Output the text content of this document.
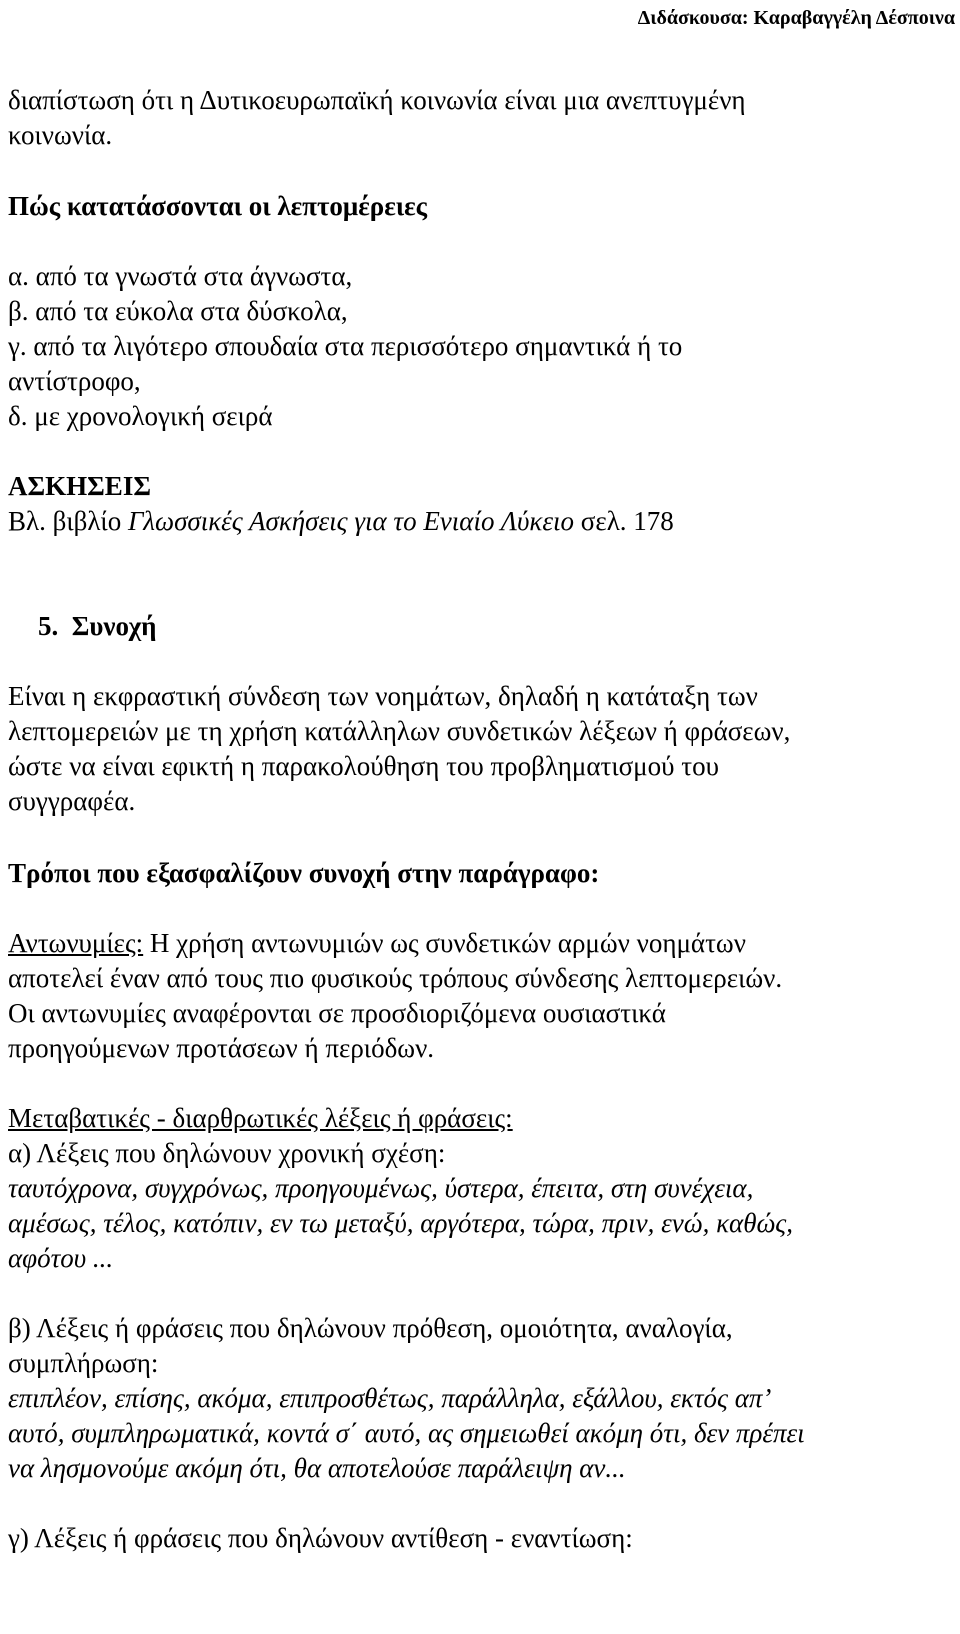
Διδάσκουσα: Καραβαγγέλη Δέσποινα
διαπίστωση ότι η Δυτικοευρωπαϊκή κοινωνία είναι μια ανεπτυγμένη
κοινωνία.
Πώς κατατάσσονται οι λεπτομέρειες
α. από τα γνωστά στα άγνωστα,
β. από τα εύκολα στα δύσκολα,
γ. από τα λιγότερο σπουδαία στα περισσότερο σημαντικά ή το
αντίστροφο,
δ. με χρονολογική σειρά
ΑΣΚΗΣΕΙΣ
Βλ. βιβλίο Γλωσσικές Ασκήσεις για το Ενιαίο Λύκειο σελ. 178
5.  Συνοχή
Είναι η εκφραστική σύνδεση των νοημάτων, δηλαδή η κατάταξη των
λεπτομερειών με τη χρήση κατάλληλων συνδετικών λέξεων ή φράσεων,
ώστε να είναι εφικτή η παρακολούθηση του προβληματισμού του
συγγραφέα.
Τρόποι που εξασφαλίζουν συνοχή στην παράγραφο:
Αντωνυμίες: Η χρήση αντωνυμιών ως συνδετικών αρμών νοημάτων
αποτελεί έναν από τους πιο φυσικούς τρόπους σύνδεσης λεπτομερειών.
Οι αντωνυμίες αναφέρονται σε προσδιοριζόμενα ουσιαστικά
προηγούμενων προτάσεων ή περιόδων.
Μεταβατικές - διαρθρωτικές λέξεις ή φράσεις:
α) Λέξεις που δηλώνουν χρονική σχέση:
ταυτόχρονα, συγχρόνως, προηγουμένως, ύστερα, έπειτα, στη συνέχεια,
αμέσως, τέλος, κατόπιν, εν τω μεταξύ, αργότερα, τώρα, πριν, ενώ, καθώς,
αφότου ...
β) Λέξεις ή φράσεις που δηλώνουν πρόθεση, ομοιότητα, αναλογία,
συμπλήρωση:
επιπλέον, επίσης, ακόμα, επιπροσθέτως, παράλληλα, εξάλλου, εκτός απ’
αυτό, συμπληρωματικά, κοντά σ΄ αυτό, ας σημειωθεί ακόμη ότι, δεν πρέπει
να λησμονούμε ακόμη ότι, θα αποτελούσε παράλειψη αν...
γ) Λέξεις ή φράσεις που δηλώνουν αντίθεση - εναντίωση:
